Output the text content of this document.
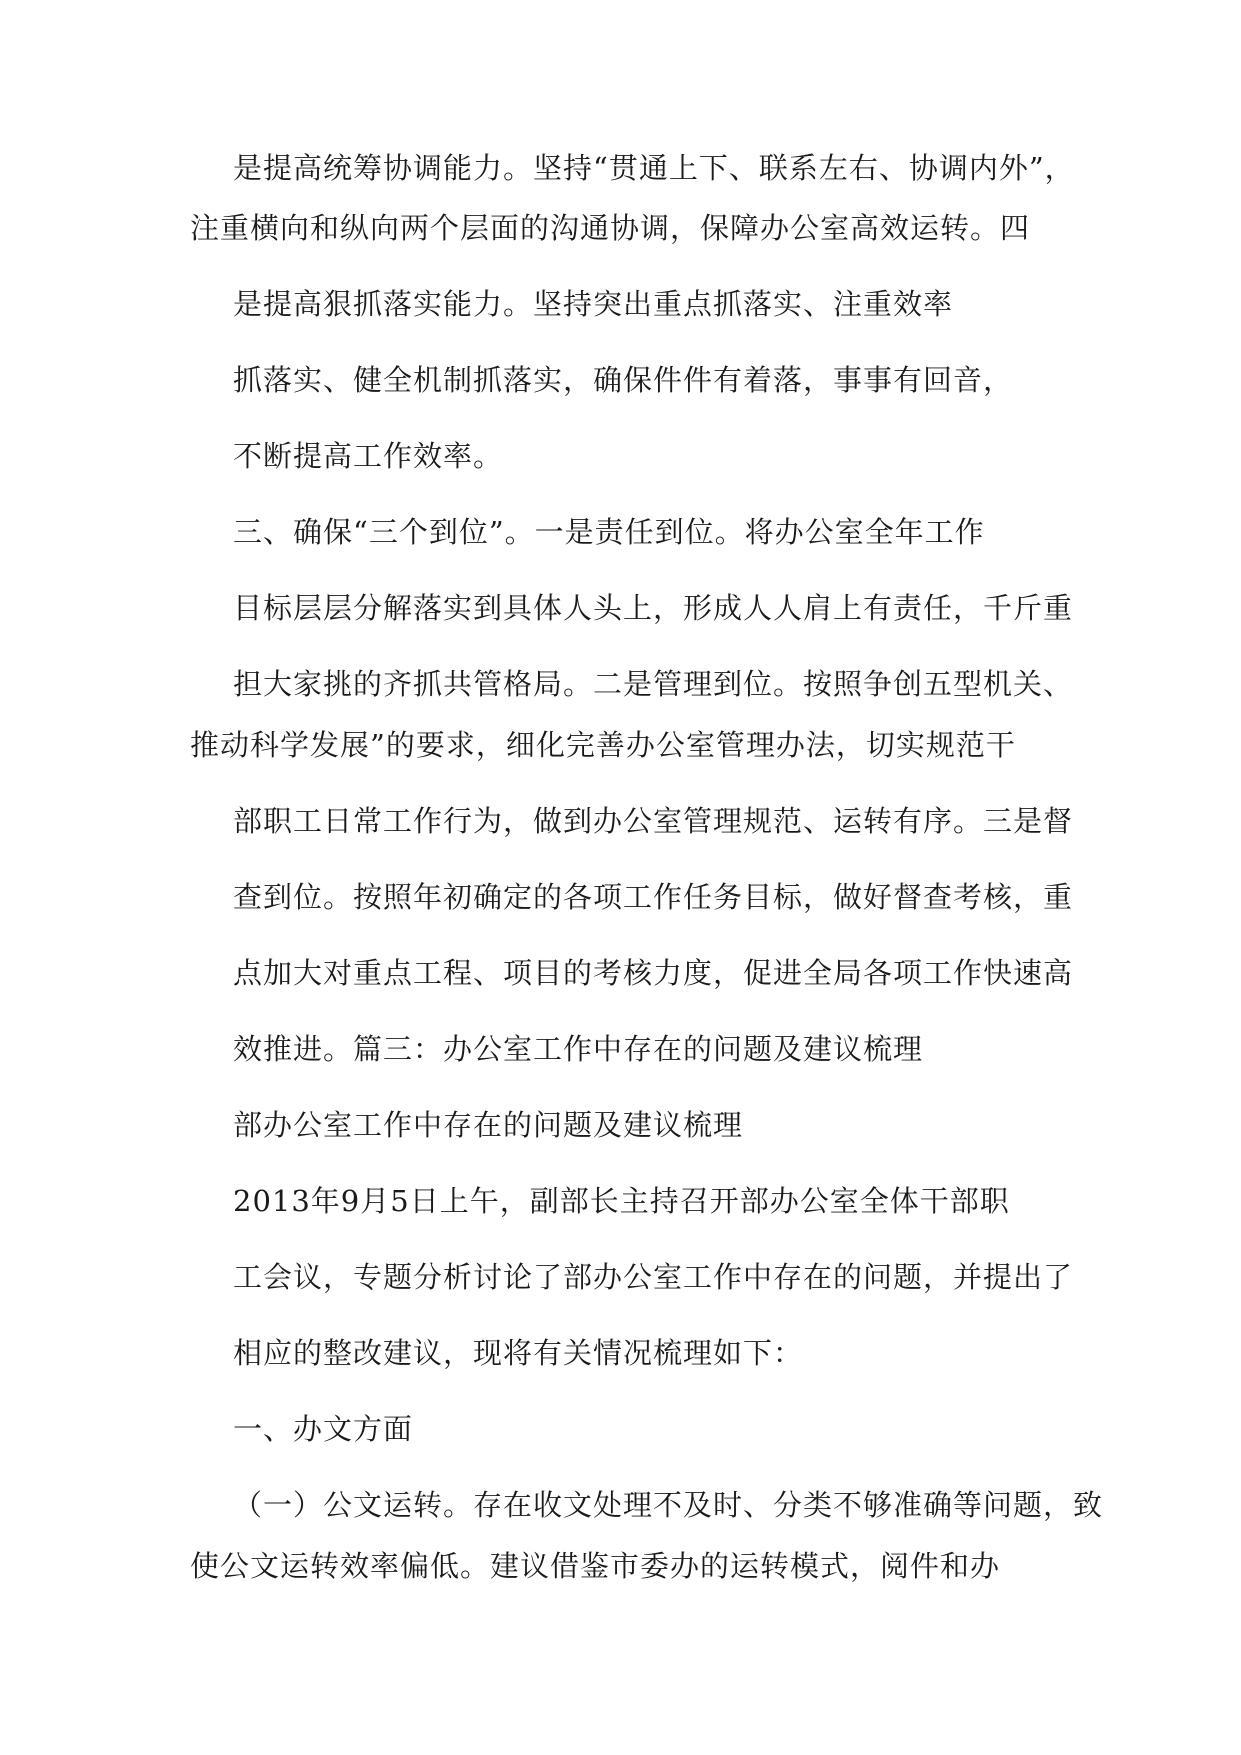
是提高统筹协调能力。坚持“贯通上下、联系左右、协调内外”，
注重横向和纵向两个层面的沟通协调，保障办公室高效运转。四
是提高狠抓落实能力。坚持突出重点抓落实、注重效率
抓落实、健全机制抓落实，确保件件有着落，事事有回音，
不断提高工作效率。
三、确保“三个到位”。一是责任到位。将办公室全年工作
目标层层分解落实到具体人头上，形成人人肩上有责任，千斤重
担大家挑的齐抓共管格局。二是管理到位。按照争创五型机关、
推动科学发展”的要求，细化完善办公室管理办法，切实规范干
部职工日常工作行为，做到办公室管理规范、运转有序。三是督
查到位。按照年初确定的各项工作任务目标，做好督查考核，重
点加大对重点工程、项目的考核力度，促进全局各项工作快速高
效推进。篇三：办公室工作中存在的问题及建议梳理
部办公室工作中存在的问题及建议梳理
2013年9月5日上午，副部长主持召开部办公室全体干部职
工会议，专题分析讨论了部办公室工作中存在的问题，并提出了
相应的整改建议，现将有关情况梳理如下：
一、办文方面
（一）公文运转。存在收文处理不及时、分类不够准确等问题，致
使公文运转效率偏低。建议借鉴市委办的运转模式，阅件和办
